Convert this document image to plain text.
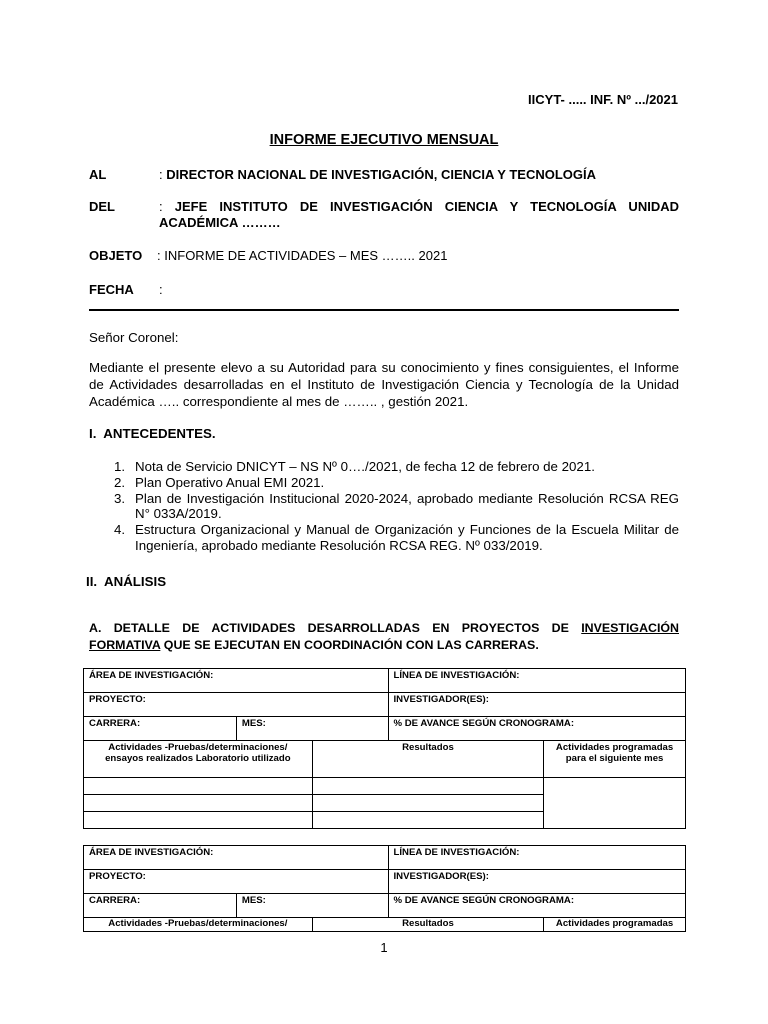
IICYT- ..... INF. Nº .../2021
INFORME EJECUTIVO MENSUAL
AL	: DIRECTOR NACIONAL DE INVESTIGACIÓN, CIENCIA Y TECNOLOGÍA
DEL	: JEFE INSTITUTO DE INVESTIGACIÓN CIENCIA Y TECNOLOGÍA UNIDAD ACADÉMICA ………
OBJETO : INFORME DE ACTIVIDADES – MES …….. 2021
FECHA :
Señor Coronel:
Mediante el presente elevo a su Autoridad para su conocimiento y fines consiguientes, el Informe de Actividades desarrolladas en el Instituto de Investigación Ciencia y Tecnología de la Unidad Académica ….. correspondiente al mes de …….. , gestión 2021.
I. ANTECEDENTES.
1. Nota de Servicio DNICYT – NS Nº 0…./2021, de fecha 12 de febrero de 2021.
2. Plan Operativo Anual EMI 2021.
3. Plan de Investigación Institucional 2020-2024, aprobado mediante Resolución RCSA REG N° 033A/2019.
4. Estructura Organizacional y Manual de Organización y Funciones de la Escuela Militar de Ingeniería, aprobado mediante Resolución RCSA REG. Nº 033/2019.
II. ANÁLISIS
A. DETALLE DE ACTIVIDADES DESARROLLADAS EN PROYECTOS DE INVESTIGACIÓN FORMATIVA QUE SE EJECUTAN EN COORDINACIÓN CON LAS CARRERAS.
ÁREA DE INVESTIGACIÓN:			LÍNEA DE INVESTIGACIÓN:	
PROYECTO:			INVESTIGADOR(ES):	
CARRERA:	MES:		% DE AVANCE SEGÚN CRONOGRAMA:	
Actividades -Pruebas/determinaciones/ ensayos realizados Laboratorio utilizado		Resultados		Actividades programadas para el siguiente mes

ÁREA DE INVESTIGACIÓN:			LÍNEA DE INVESTIGACIÓN:	
PROYECTO:			INVESTIGADOR(ES):	
CARRERA:	MES:		% DE AVANCE SEGÚN CRONOGRAMA:	
Actividades -Pruebas/determinaciones/		Resultados		Actividades programadas
1
